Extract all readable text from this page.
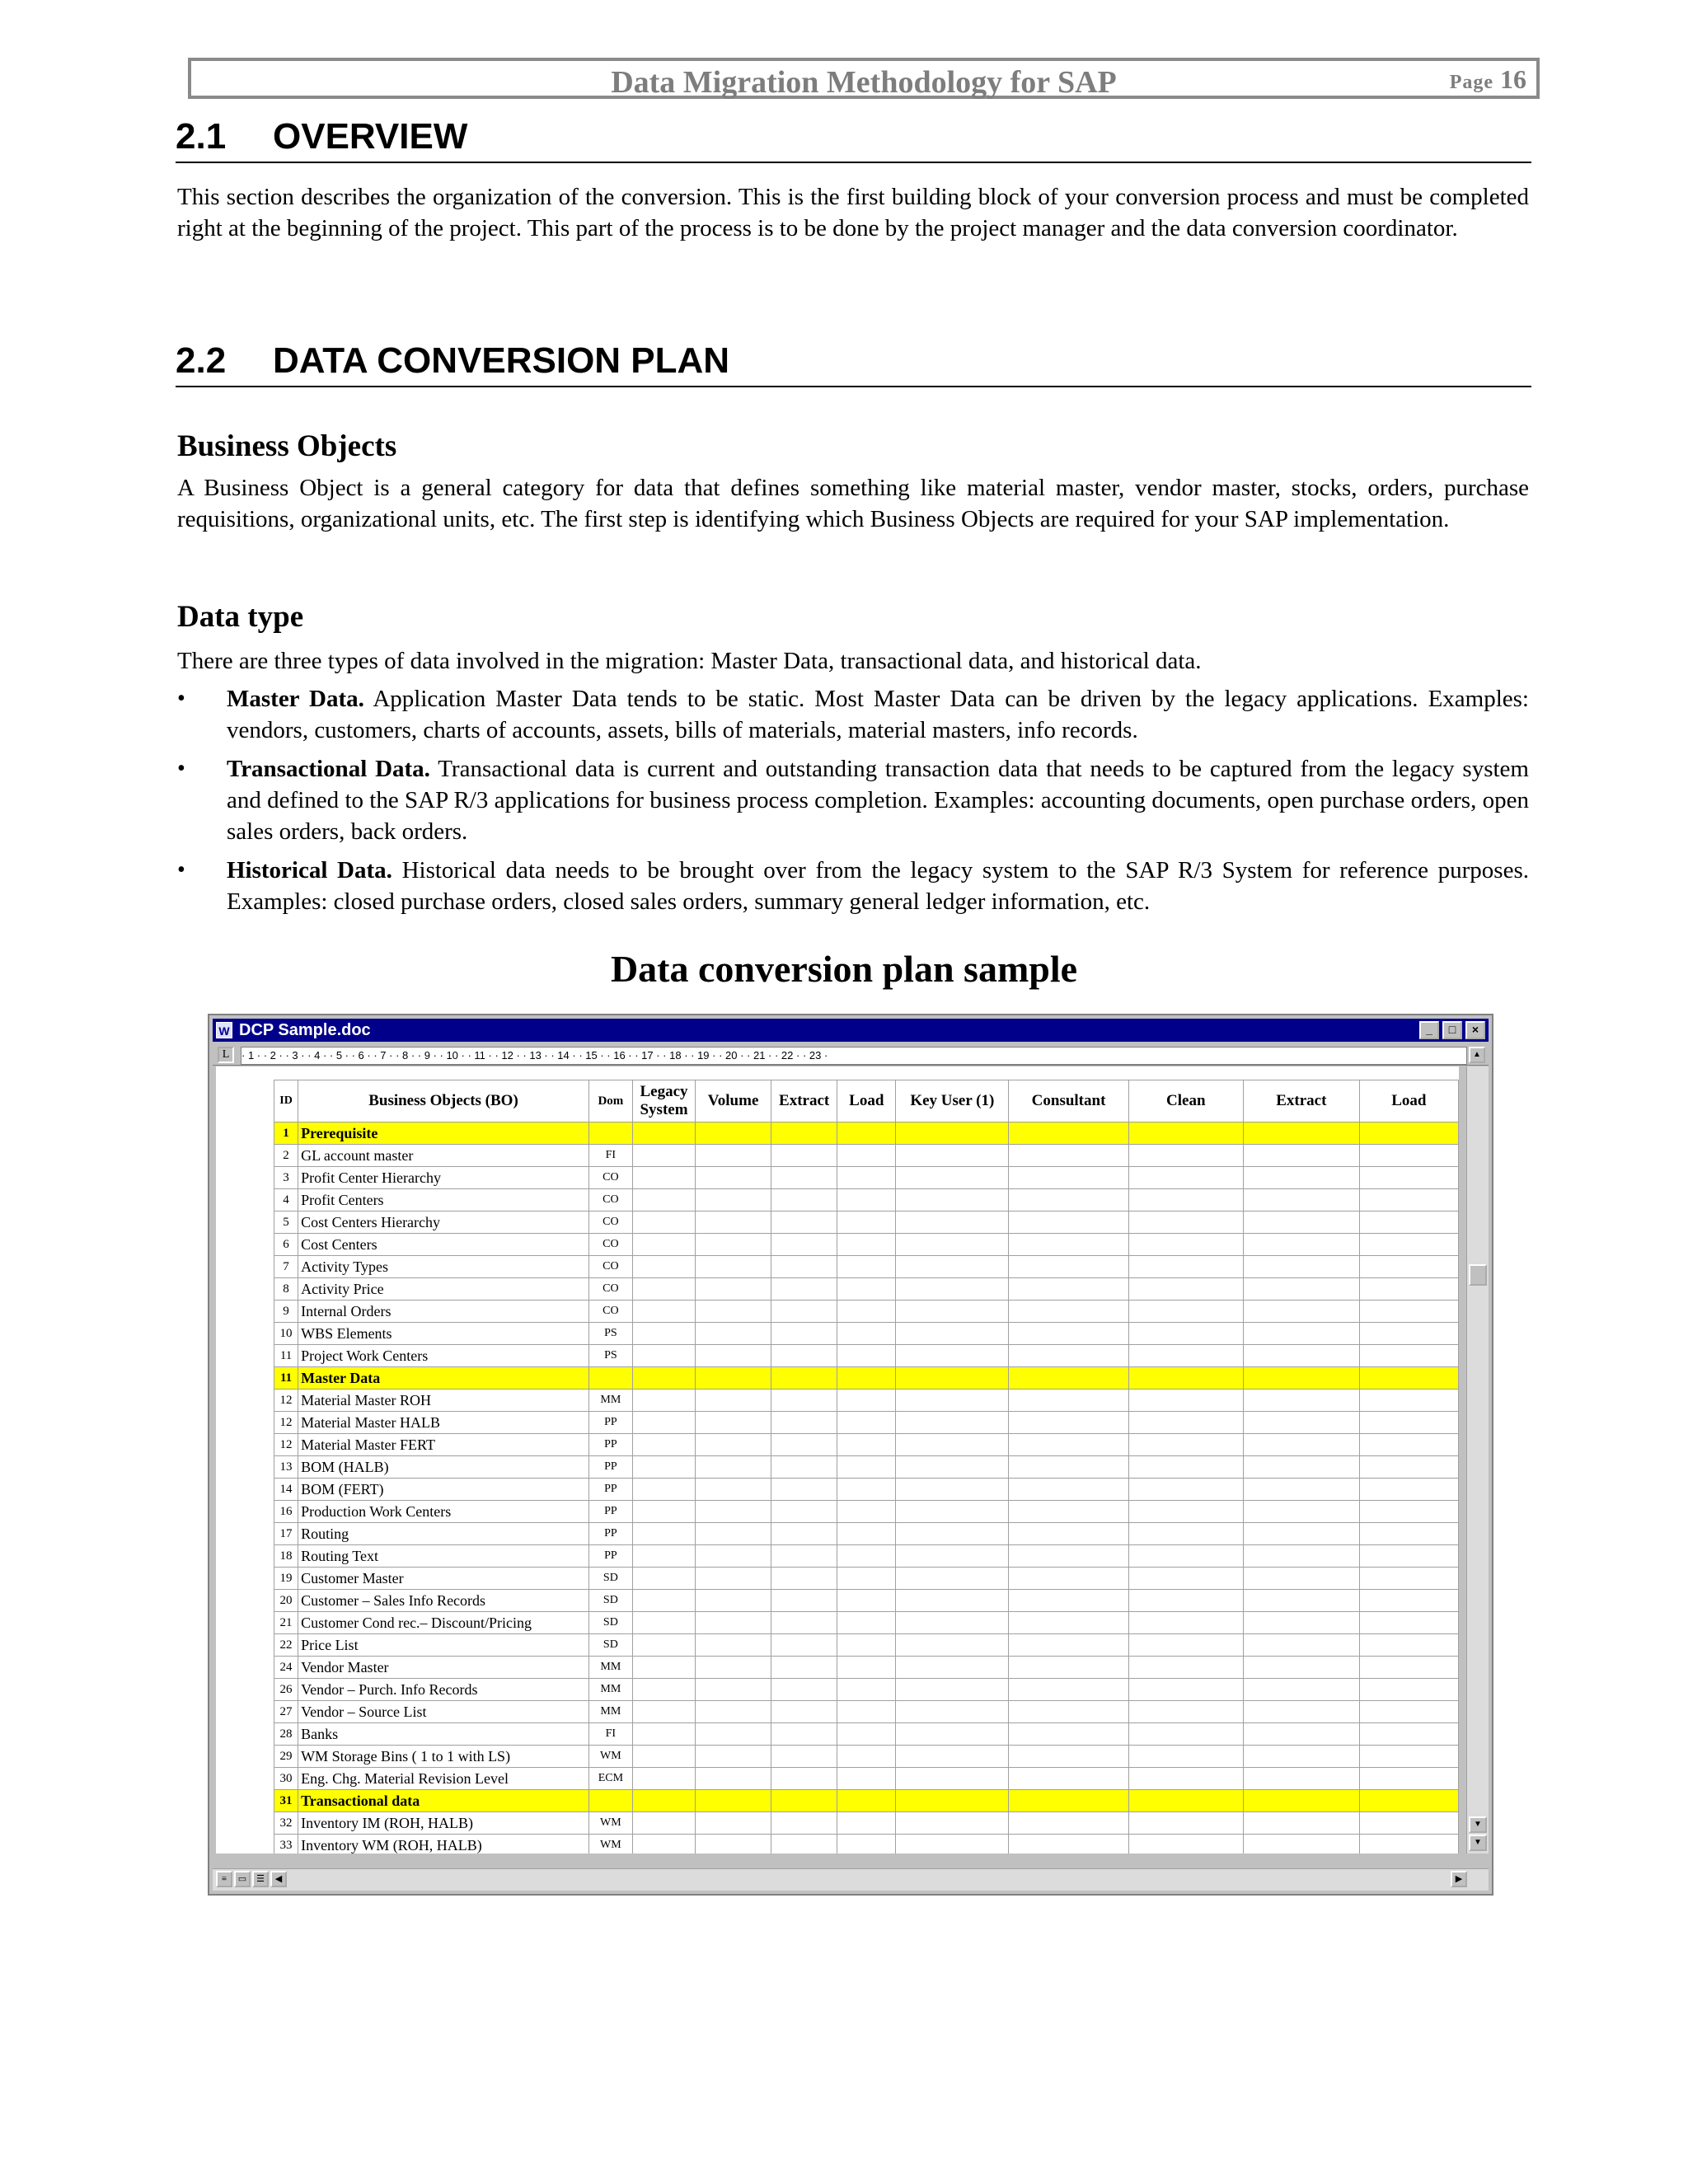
Data Migration Methodology for SAP	Page 16
2.1 OVERVIEW
This section describes the organization of the conversion. This is the first building block of your conversion process and must be completed right at the beginning of the project. This part of the process is to be done by the project manager and the data conversion coordinator.
2.2 DATA CONVERSION PLAN
Business Objects
A Business Object is a general category for data that defines something like material master, vendor master, stocks, orders, purchase requisitions, organizational units, etc. The first step is identifying which Business Objects are required for your SAP implementation.
Data type
There are three types of data involved in the migration: Master Data, transactional data, and historical data.
• Master Data. Application Master Data tends to be static. Most Master Data can be driven by the legacy applications. Examples: vendors, customers, charts of accounts, assets, bills of materials, material masters, info records.
• Transactional Data. Transactional data is current and outstanding transaction data that needs to be captured from the legacy system and defined to the SAP R/3 applications for business process completion. Examples: accounting documents, open purchase orders, open sales orders, back orders.
• Historical Data. Historical data needs to be brought over from the legacy system to the SAP R/3 System for reference purposes. Examples: closed purchase orders, closed sales orders, summary general ledger information, etc.
Data conversion plan sample
W DCP Sample.doc	_	□	×
L	· 1 · · 2 · · 3 · · 4 · · 5 · · 6 · · 7 · · 8 · · 9 · · 10 · · 11 · · 12 · · 13 · · 14 · · 15 · · 16 · · 17 · · 18 · · 19 · · 20 · · 21 · · 22 · · 23 ·	▲
ID	Business Objects (BO)	Dom	Legacy System	Volume	Extract	Load	Key User (1)	Consultant	Clean	Extract	Load
1	Prerequisite										
2	GL account master	FI									
3	Profit Center Hierarchy	CO									
4	Profit Centers	CO									
5	Cost Centers Hierarchy	CO									
6	Cost Centers	CO									
7	Activity Types	CO									
8	Activity Price	CO									
9	Internal Orders	CO									
10	WBS Elements	PS									
11	Project Work Centers	PS									
11	Master Data										
12	Material Master ROH	MM									
12	Material Master HALB	PP									
12	Material Master FERT	PP									
13	BOM (HALB)	PP									
14	BOM (FERT)	PP									
16	Production Work Centers	PP									
17	Routing	PP									
18	Routing Text	PP									
19	Customer Master	SD									
20	Customer – Sales Info Records	SD									
21	Customer Cond rec.– Discount/Pricing	SD									
22	Price List	SD									
24	Vendor Master	MM									
26	Vendor – Purch. Info Records	MM									
27	Vendor – Source List	MM									
28	Banks	FI									
29	WM Storage Bins ( 1 to 1 with LS)	WM									
30	Eng. Chg. Material Revision Level	ECM									
31	Transactional data										
32	Inventory IM (ROH, HALB)	WM									
33	Inventory WM (ROH, HALB)	WM									
▼
▼
≡	▭	☰	◀	▶
